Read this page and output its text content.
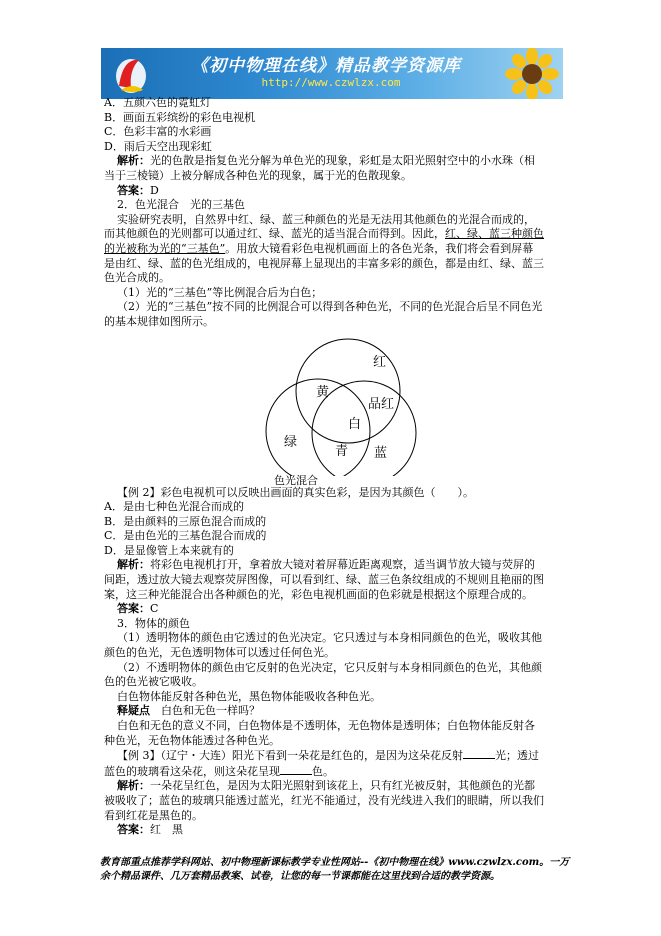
《初中物理在线》精品教学资源库
http://www.czwlzx.com

A．五颜六色的霓虹灯

B．画面五彩缤纷的彩色电视机

C．色彩丰富的水彩画

D．雨后天空出现彩虹

解析：光的色散是指复色光分解为单色光的现象，彩虹是太阳光照射空中的小水珠（相当于三棱镜）上被分解成各种色光的现象，属于光的色散现象。

答案：D

2．色光混合　光的三基色

实验研究表明，自然界中红、绿、蓝三种颜色的光是无法用其他颜色的光混合而成的，而其他颜色的光则都可以通过红、绿、蓝光的适当混合而得到。因此，红、绿、蓝三种颜色的光被称为光的“三基色”。用放大镜看彩色电视机画面上的各色光条，我们将会看到屏幕是由红、绿、蓝的色光组成的，电视屏幕上显现出的丰富多彩的颜色，都是由红、绿、蓝三色光合成的。

（1）光的“三基色”等比例混合后为白色；

（2）光的“三基色”按不同的比例混合可以得到各种色光，不同的色光混合后呈不同色光的基本规律如图所示。

红
黄
品红
白
绿
青 蓝
色光混合

【例 2】彩色电视机可以反映出画面的真实色彩，是因为其颜色（　　）。

A．是由七种色光混合而成的

B．是由颜料的三原色混合而成的

C．是由色光的三基色混合而成的

D．是显像管上本来就有的

解析：将彩色电视机打开，拿着放大镜对着屏幕近距离观察，适当调节放大镜与荧屏的间距，透过放大镜去观察荧屏图像，可以看到红、绿、蓝三色条纹组成的不规则且艳丽的图案，这三种光能混合出各种颜色的光，彩色电视机画面的色彩就是根据这个原理合成的。

答案：C

3．物体的颜色

（1）透明物体的颜色由它透过的色光决定。它只透过与本身相同颜色的色光，吸收其他颜色的色光，无色透明物体可以透过任何色光。

（2）不透明物体的颜色由它反射的色光决定，它只反射与本身相同颜色的色光，其他颜色的色光被它吸收。

白色物体能反射各种色光，黑色物体能吸收各种色光。

释疑点　 白色和无色一样吗？

白色和无色的意义不同，白色物体是不透明体，无色物体是透明体；白色物体能反射各种色光，无色物体能透过各种色光。

【例 3】（辽宁・大连）阳光下看到一朵花是红色的，是因为这朵花反射	光；透过蓝色的玻璃看这朵花，则这朵花呈现	色。

解析：一朵花呈红色，是因为太阳光照射到该花上，只有红光被反射，其他颜色的光都被吸收了；蓝色的玻璃只能透过蓝光，红光不能通过，没有光线进入我们的眼睛，所以我们看到红花是黑色的。

答案：红　黑

教育部重点推荐学科网站、初中物理新课标教学专业性网站--《初中物理在线》www.czwlzx.com。一万余个精品课件、几万套精品教案、试卷，让您的每一节课都能在这里找到合适的教学资源。
